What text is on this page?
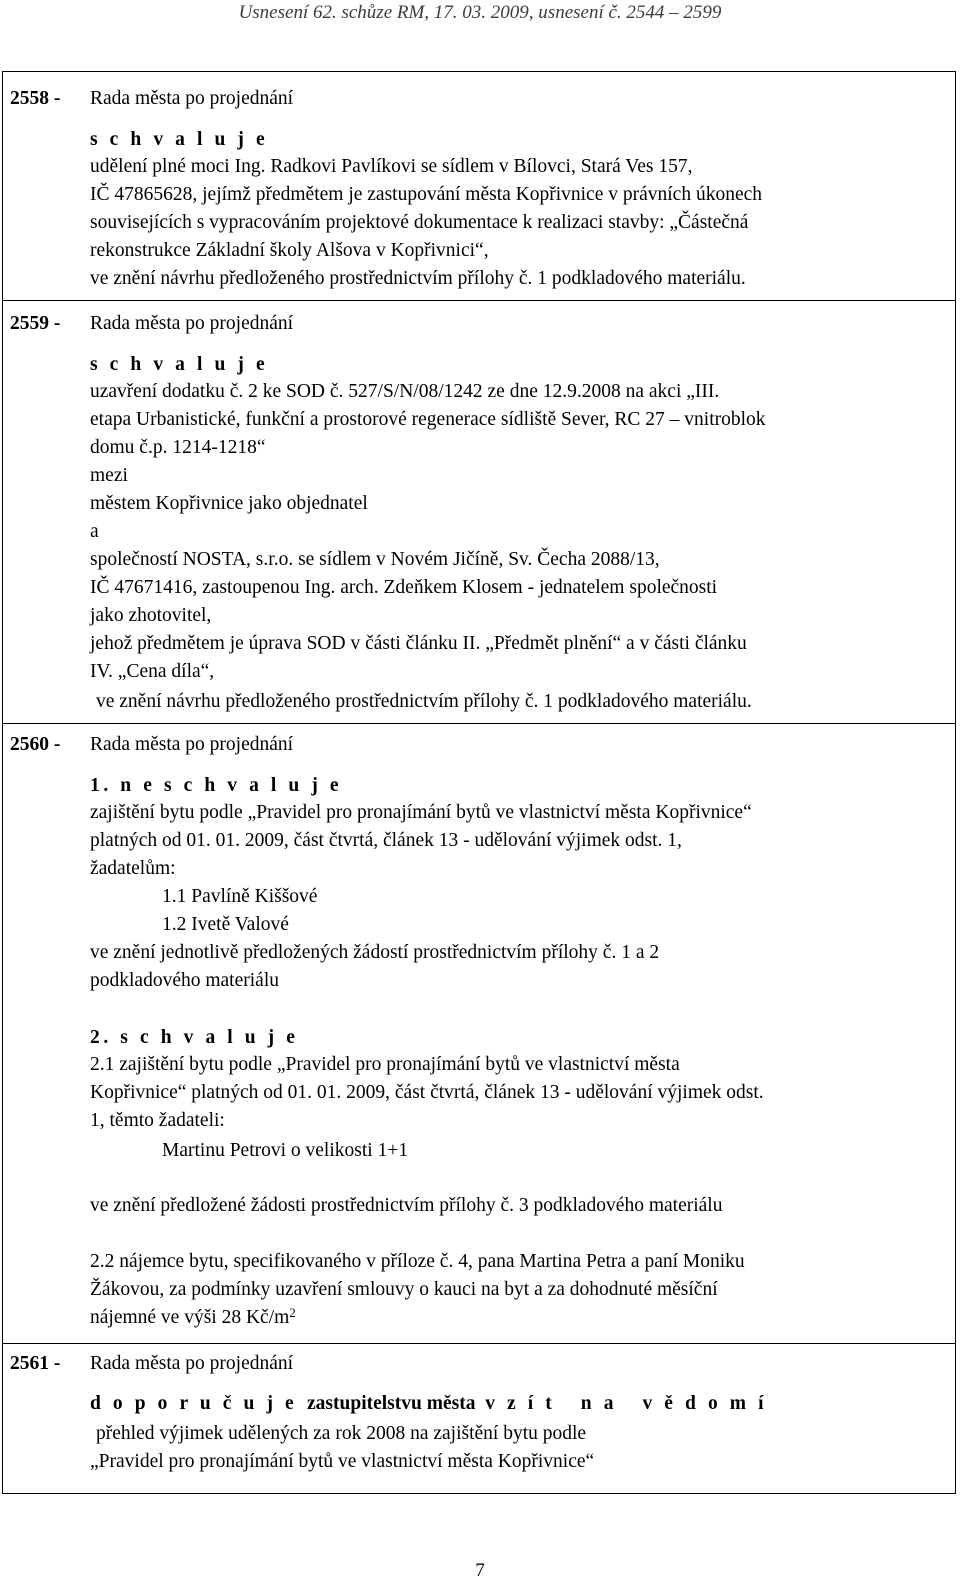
Usnesení 62. schůze RM, 17. 03. 2009, usnesení č. 2544 – 2599
2558 - Rada města po projednání
s c h v a l u j e
udělení plné moci Ing. Radkovi Pavlíkovi se sídlem v Bílovci, Stará Ves 157,
IČ 47865628, jejímž předmětem je zastupování města Kopřivnice v právních úkonech
souvisejících s vypracováním projektové dokumentace k realizaci stavby: „Částečná
rekonstrukce Základní školy Alšova v Kopřivnici“,
ve znění návrhu předloženého prostřednictvím přílohy č. 1 podkladového materiálu.
2559 - Rada města po projednání
s c h v a l u j e
uzavření dodatku č. 2 ke SOD č. 527/S/N/08/1242 ze dne 12.9.2008 na akci „III.
etapa Urbanistické, funkční a prostorové regenerace sídliště Sever, RC 27 – vnitroblok
domu č.p. 1214-1218“
mezi
městem Kopřivnice jako objednatel
a
společností NOSTA, s.r.o. se sídlem v Novém Jičíně, Sv. Čecha 2088/13,
IČ 47671416, zastoupenou Ing. arch. Zdeňkem Klosem - jednatelem společnosti
jako zhotovitel,
jehož předmětem je úprava SOD v části článku II. „Předmět plnění“ a v části článku
IV. „Cena díla“,
ve znění návrhu předloženého prostřednictvím přílohy č. 1 podkladového materiálu.
2560 - Rada města po projednání
1. n e s c h v a l u j e
zajištění bytu podle „Pravidel pro pronajímání bytů ve vlastnictví města Kopřivnice“
platných od 01. 01. 2009, část čtvrtá, článek 13 - udělování výjimek odst. 1,
žadatelům:
1.1 Pavlíně Kiššové
1.2 Ivetě Valové
ve znění jednotlivě předložených žádostí prostřednictvím přílohy č. 1 a 2
podkladového materiálu
2. s c h v a l u j e
2.1 zajištění bytu podle „Pravidel pro pronajímání bytů ve vlastnictví města
Kopřivnice“ platných od 01. 01. 2009, část čtvrtá, článek 13 - udělování výjimek odst.
1, těmto žadateli:
Martinu Petrovi o velikosti 1+1
ve znění předložené žádosti prostřednictvím přílohy č. 3 podkladového materiálu
2.2 nájemce bytu, specifikovaného v příloze č. 4, pana Martina Petra a paní Moniku
Žákovou, za podmínky uzavření smlouvy o kauci na byt a za dohodnuté měsíční
nájemné ve výši 28 $Kč/m^2$
2561 - Rada města po projednání
d o p o r u č u j e zastupitelstvu města v z í t   n a   v ě d o m í
přehled výjimek udělených za rok 2008 na zajištění bytu podle
„Pravidel pro pronajímání bytů ve vlastnictví města Kopřivnice“
7
